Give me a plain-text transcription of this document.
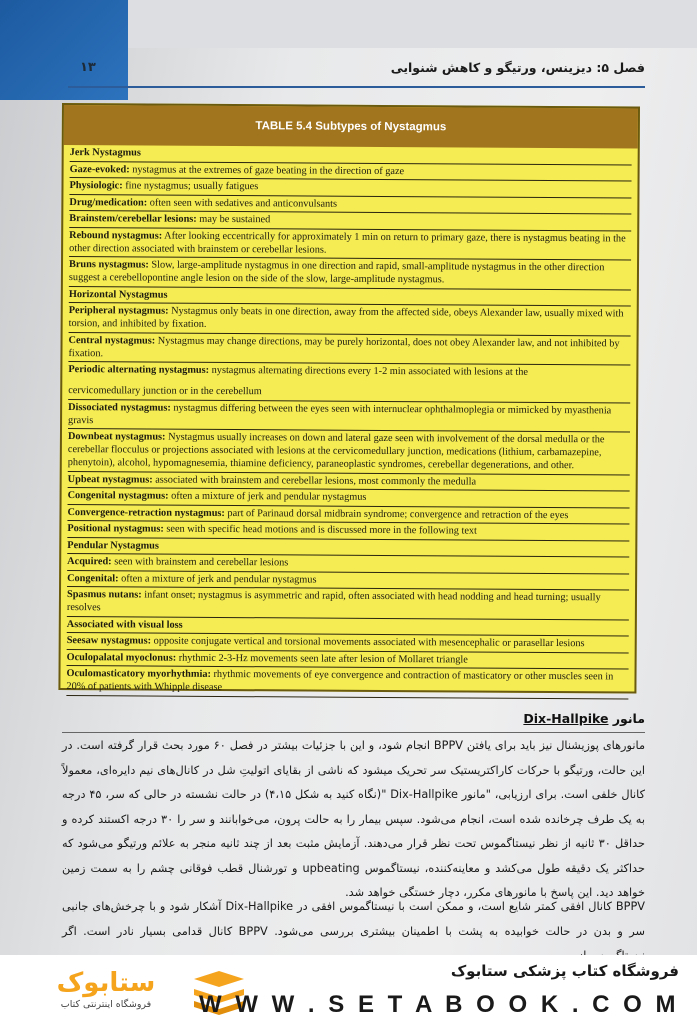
١٣	فصل ۵: دیزینس، ورتیگو و کاهش شنوایی
TABLE 5.4 Subtypes of Nystagmus
Jerk Nystagmus
Gaze-evoked: nystagmus at the extremes of gaze beating in the direction of gaze
Physiologic: fine nystagmus; usually fatigues
Drug/medication: often seen with sedatives and anticonvulsants
Brainstem/cerebellar lesions: may be sustained
Rebound nystagmus: After looking eccentrically for approximately 1 min on return to primary gaze, there is nystagmus beating in the other direction associated with brainstem or cerebellar lesions.
Bruns nystagmus: Slow, large-amplitude nystagmus in one direction and rapid, small-amplitude nystagmus in the other direction suggest a cerebellopontine angle lesion on the side of the slow, large-amplitude nystagmus.
Horizontal Nystagmus
Peripheral nystagmus: Nystagmus only beats in one direction, away from the affected side, obeys Alexander law, usually mixed with torsion, and inhibited by fixation.
Central nystagmus: Nystagmus may change directions, may be purely horizontal, does not obey Alexander law, and not inhibited by fixation.
Periodic alternating nystagmus: nystagmus alternating directions every 1-2 min associated with lesions at the
cervicomedullary junction or in the cerebellum
Dissociated nystagmus: nystagmus differing between the eyes seen with internuclear ophthalmoplegia or mimicked by myasthenia gravis
Downbeat nystagmus: Nystagmus usually increases on down and lateral gaze seen with involvement of the dorsal medulla or the cerebellar flocculus or projections associated with lesions at the cervicomedullary junction, medications (lithium, carbamazepine, phenytoin), alcohol, hypomagnesemia, thiamine deficiency, paraneoplastic syndromes, cerebellar degenerations, and other.
Upbeat nystagmus: associated with brainstem and cerebellar lesions, most commonly the medulla
Congenital nystagmus: often a mixture of jerk and pendular nystagmus
Convergence-retraction nystagmus: part of Parinaud dorsal midbrain syndrome; convergence and retraction of the eyes
Positional nystagmus: seen with specific head motions and is discussed more in the following text
Pendular Nystagmus
Acquired: seen with brainstem and cerebellar lesions
Congenital: often a mixture of jerk and pendular nystagmus
Spasmus nutans: infant onset; nystagmus is asymmetric and rapid, often associated with head nodding and head turning; usually resolves
Associated with visual loss
Seesaw nystagmus: opposite conjugate vertical and torsional movements associated with mesencephalic or parasellar lesions
Oculopalatal myoclonus: rhythmic 2-3-Hz movements seen late after lesion of Mollaret triangle
Oculomasticatory myorhythmia: rhythmic movements of eye convergence and contraction of masticatory or other muscles seen in 20% of patients with Whipple disease
مانور Dix-Hallpike
مانورهای پوزیشنال نیز باید برای یافتن BPPV انجام شود، و این با جزئیات بیشتر در فصل ۶۰ مورد بحث قرار گرفته است. در این حالت، ورتیگو با حرکات کاراکتریستیک سر تحریک میشود که ناشی از بقایای اتولیتِ شل در کانال‌های نیم دایره‌ای، معمولاً کانال خلفی است. برای ارزیابی، "مانور Dix-Hallpike "(نگاه کنید به شکل ۴،۱۵) در حالت نشسته در حالی که سر، ۴۵ درجه به یک طرف چرخانده شده است، انجام می‌شود. سپس بیمار را به حالت پرون، می‌خوابانند و سر را ۳۰ درجه اکستند کرده و حداقل ۳۰ ثانیه از نظر نیستاگموس تحت نظر قرار می‌دهند. آزمایش مثبت بعد از چند ثانیه منجر به علائم ورتیگو می‌شود که حداکثر یک دقیقه طول می‌کشد و معاینه‌کننده، نیستاگموس upbeating و تورشنال قطب فوقانی چشم را به سمت زمین خواهد دید. این پاسخ با مانورهای مکرر، دچار خستگی خواهد شد.
BPPV کانال افقی کمتر شایع است، و ممکن است با نیستاگموس افقی در Dix-Hallpike آشکار شود و با چرخش‌های جانبی سر و بدن در حالت خوابیده به پشت با اطمینان بیشتری بررسی می‌شود. BPPV کانال قدامی بسیار نادر است. اگر
ستابوک
فروشگاه اینترنتی کتاب
فروشگاه کتاب پزشکی ستابوک
W W W . S E T A B O O K . C O M
